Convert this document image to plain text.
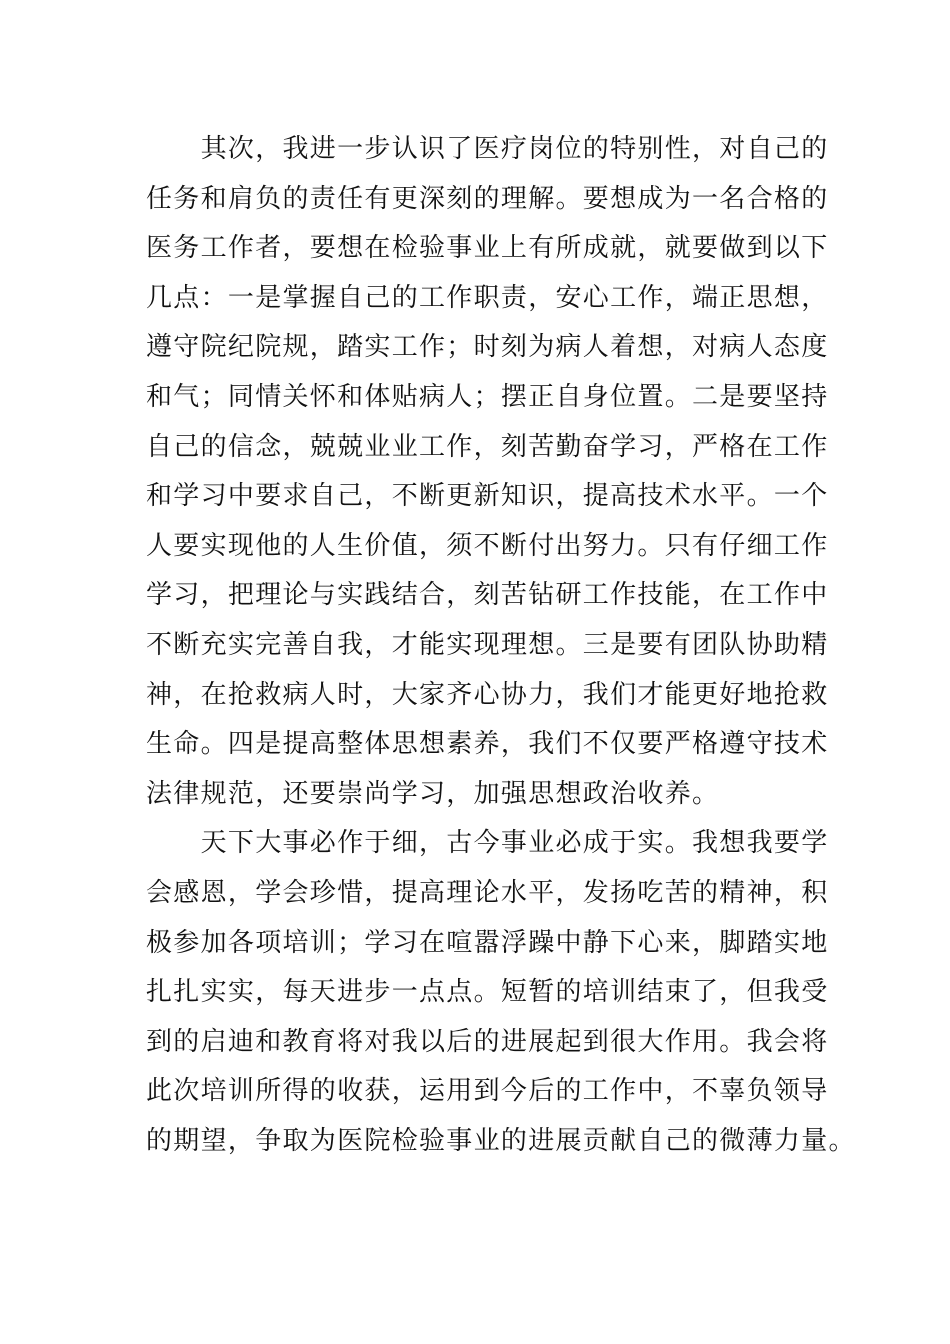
　　其次，我进一步认识了医疗岗位的特别性，对自己的
任务和肩负的责任有更深刻的理解。要想成为一名合格的
医务工作者，要想在检验事业上有所成就，就要做到以下
几点：一是掌握自己的工作职责，安心工作，端正思想，
遵守院纪院规，踏实工作；时刻为病人着想，对病人态度
和气；同情关怀和体贴病人；摆正自身位置。二是要坚持
自己的信念，兢兢业业工作，刻苦勤奋学习，严格在工作
和学习中要求自己，不断更新知识，提高技术水平。一个
人要实现他的人生价值，须不断付出努力。只有仔细工作
学习，把理论与实践结合，刻苦钻研工作技能，在工作中
不断充实完善自我，才能实现理想。三是要有团队协助精
神，在抢救病人时，大家齐心协力，我们才能更好地抢救
生命。四是提高整体思想素养，我们不仅要严格遵守技术
法律规范，还要崇尚学习，加强思想政治收养。
　　天下大事必作于细，古今事业必成于实。我想我要学
会感恩，学会珍惜，提高理论水平，发扬吃苦的精神，积
极参加各项培训；学习在喧嚣浮躁中静下心来，脚踏实地
扎扎实实，每天进步一点点。短暂的培训结束了，但我受
到的启迪和教育将对我以后的进展起到很大作用。我会将
此次培训所得的收获，运用到今后的工作中，不辜负领导
的期望，争取为医院检验事业的进展贡献自己的微薄力量。
